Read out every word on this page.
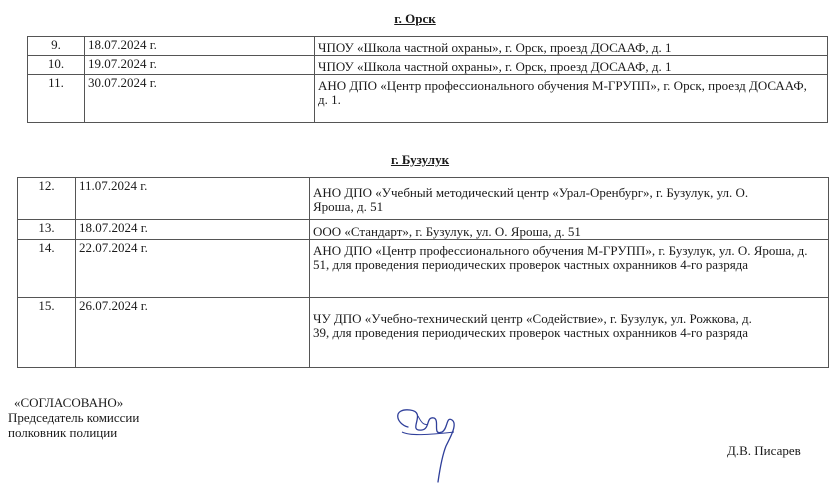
г. Орск
9.	18.07.2024 г.	ЧПОУ «Школа частной охраны», г. Орск, проезд ДОСААФ, д. 1
10.	19.07.2024 г.	ЧПОУ «Школа частной охраны», г. Орск, проезд ДОСААФ, д. 1
11.	30.07.2024 г.	АНО ДПО «Центр профессионального обучения М-ГРУПП», г. Орск, проезд ДОСААФ, д. 1.
г. Бузулук
12.	11.07.2024 г.	АНО ДПО «Учебный методический центр «Урал-Оренбург», г. Бузулук, ул. О. Яроша, д. 51
13.	18.07.2024 г.	ООО «Стандарт», г. Бузулук, ул. О. Яроша, д. 51
14.	22.07.2024 г.	АНО ДПО «Центр профессионального обучения М-ГРУПП», г. Бузулук, ул. О. Яроша, д. 51, для проведения периодических проверок частных охранников 4-го разряда
15.	26.07.2024 г.	ЧУ ДПО «Учебно-технический центр «Содействие», г. Бузулук, ул. Рожкова, д. 39, для проведения периодических проверок частных охранников 4-го разряда
«СОГЛАСОВАНО»
Председатель комиссии
полковник полиции
Д.В. Писарев
